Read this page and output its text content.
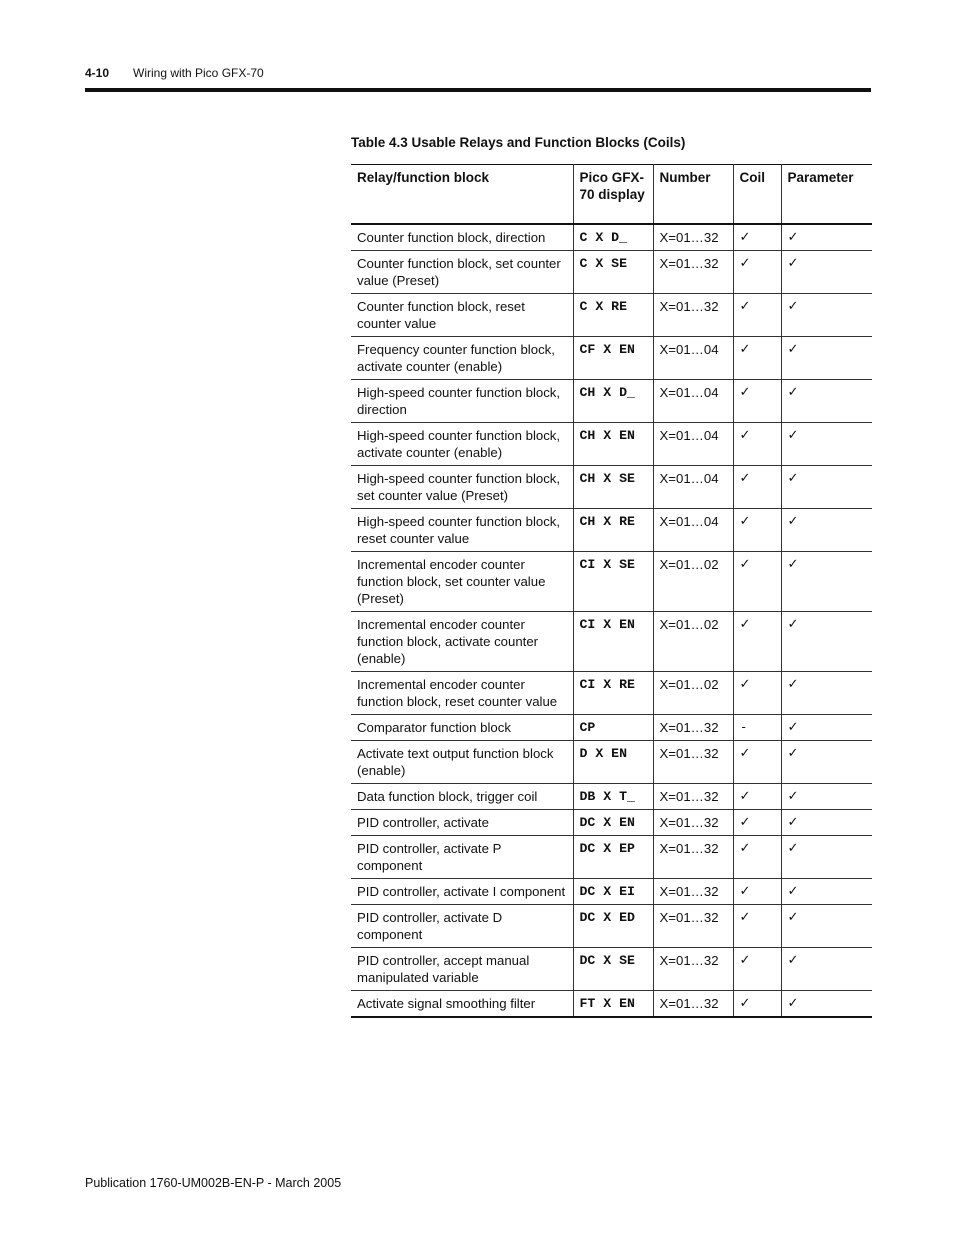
4-10 Wiring with Pico GFX-70
Table 4.3 Usable Relays and Function Blocks (Coils)
Relay/function block	Pico GFX-70 display	Number	Coil	Parameter
Counter function block, direction	C X D_	X=01…32	✓	✓
Counter function block, set counter value (Preset)	C X SE	X=01…32	✓	✓
Counter function block, reset counter value	C X RE	X=01…32	✓	✓
Frequency counter function block, activate counter (enable)	CF X EN	X=01…04	✓	✓
High-speed counter function block, direction	CH X D_	X=01…04	✓	✓
High-speed counter function block, activate counter (enable)	CH X EN	X=01…04	✓	✓
High-speed counter function block, set counter value (Preset)	CH X SE	X=01…04	✓	✓
High-speed counter function block, reset counter value	CH X RE	X=01…04	✓	✓
Incremental encoder counter function block, set counter value (Preset)	CI X SE	X=01…02	✓	✓
Incremental encoder counter function block, activate counter (enable)	CI X EN	X=01…02	✓	✓
Incremental encoder counter function block, reset counter value	CI X RE	X=01…02	✓	✓
Comparator function block	CP	X=01…32	-	✓
Activate text output function block (enable)	D X EN	X=01…32	✓	✓
Data function block, trigger coil	DB X T_	X=01…32	✓	✓
PID controller, activate	DC X EN	X=01…32	✓	✓
PID controller, activate P component	DC X EP	X=01…32	✓	✓
PID controller, activate I component	DC X EI	X=01…32	✓	✓
PID controller, activate D component	DC X ED	X=01…32	✓	✓
PID controller, accept manual manipulated variable	DC X SE	X=01…32	✓	✓
Activate signal smoothing filter	FT X EN	X=01…32	✓	✓
Publication 1760-UM002B-EN-P - March 2005
